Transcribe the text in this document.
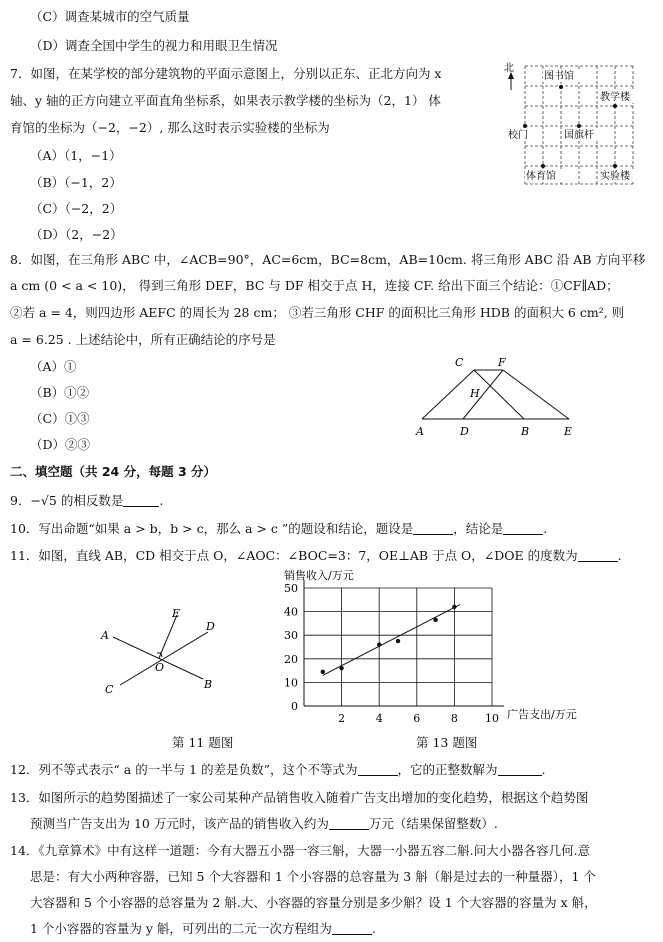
（C）调查某城市的空气质量
（D）调查全国中学生的视力和用眼卫生情况
7．如图，在某学校的部分建筑物的平面示意图上，分别以正东、正北方向为 x
轴、y 轴的正方向建立平面直角坐标系，如果表示教学楼的坐标为（2，1） 体
育馆的坐标为（−2，−2）, 那么这时表示实验楼的坐标为
（A）（1，−1）
（B）（−1，2）
（C）（−2，2）
（D）（2，−2）
北
图书馆
教学楼
校门	国旗杆
体育馆	实验楼
8．如图，在三角形 ABC 中，∠ACB=90°，AC=6cm，BC=8cm，AB=10cm. 将三角形 ABC 沿 AB 方向平移
a cm (0 < a < 10)， 得到三角形 DEF，BC 与 DF 相交于点 H，连接 CF. 给出下面三个结论：①CF∥AD；
②若 a = 4，则四边形 AEFC 的周长为 28 cm； ③若三角形 CHF 的面积比三角形 HDB 的面积大 6 cm², 则
a = 6.25 . 上述结论中，所有正确结论的序号是
（A）①
（B）①②
（C）①③
（D）②③
C	F
H
A	D	B	E
二、填空题（共 24 分，每题 3 分）
9．−√5 的相反数是	.
10．写出命题“如果 a > b，b > c，那么 a > c ”的题设和结论，题设是	，结论是	.
11．如图，直线 AB，CD 相交于点 O，∠AOC：∠BOC=3：7，OE⊥AB 于点 O，∠DOE 的度数为	.
A
B
C
D
E
O
第 11 题图
0
10
20
30
40
50
2	4	6	8 10
销售收入/万元
广告支出/万元
第 13 题图
12．列不等式表示“ a 的一半与 1 的差是负数”，这个不等式为	，它的正整数解为	.
13．如图所示的趋势图描述了一家公司某种产品销售收入随着广告支出增加的变化趋势，根据这个趋势图
预测当广告支出为 10 万元时，该产品的销售收入约为	万元（结果保留整数）.
14．《九章算术》中有这样一道题：今有大器五小器一容三斛，大器一小器五容二斛.问大小器各容几何.意
思是：有大小两种容器，已知 5 个大容器和 1 个小容器的总容量为 3 斛（斛是过去的一种量器），1 个
大容器和 5 个小容器的总容量为 2 斛.大、小容器的容量分别是多少斛？设 1 个大容器的容量为 x 斛，
1 个小容器的容量为 y 斛，可列出的二元一次方程组为	.
